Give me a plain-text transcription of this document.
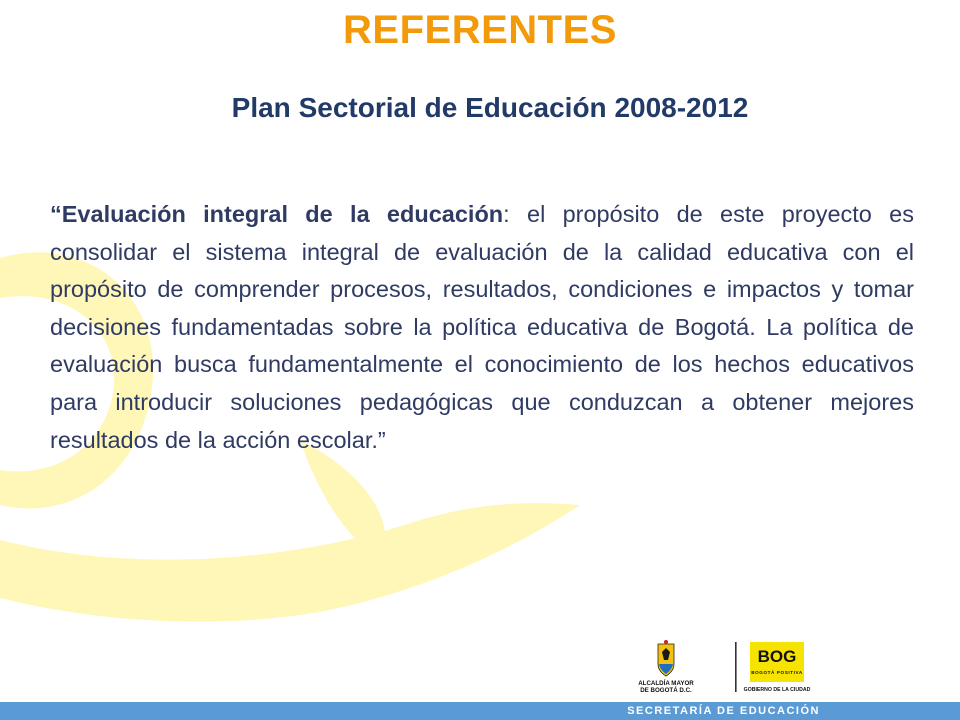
REFERENTES
Plan Sectorial de Educación 2008-2012
“Evaluación integral de la educación: el propósito de este proyecto es consolidar el sistema integral de evaluación de la calidad educativa con el propósito de comprender procesos, resultados, condiciones e impactos y tomar decisiones fundamentadas sobre la política educativa de Bogotá. La política de evaluación busca fundamentalmente el conocimiento de los hechos educativos para introducir soluciones pedagógicas que conduzcan a obtener mejores resultados de la acción escolar.”
ALCALDÍA MAYOR
DE BOGOTÁ D.C.
BOG
BOGOTÁ POSITIVA
GOBIERNO DE LA CIUDAD
SECRETARÍA DE EDUCACIÓN
